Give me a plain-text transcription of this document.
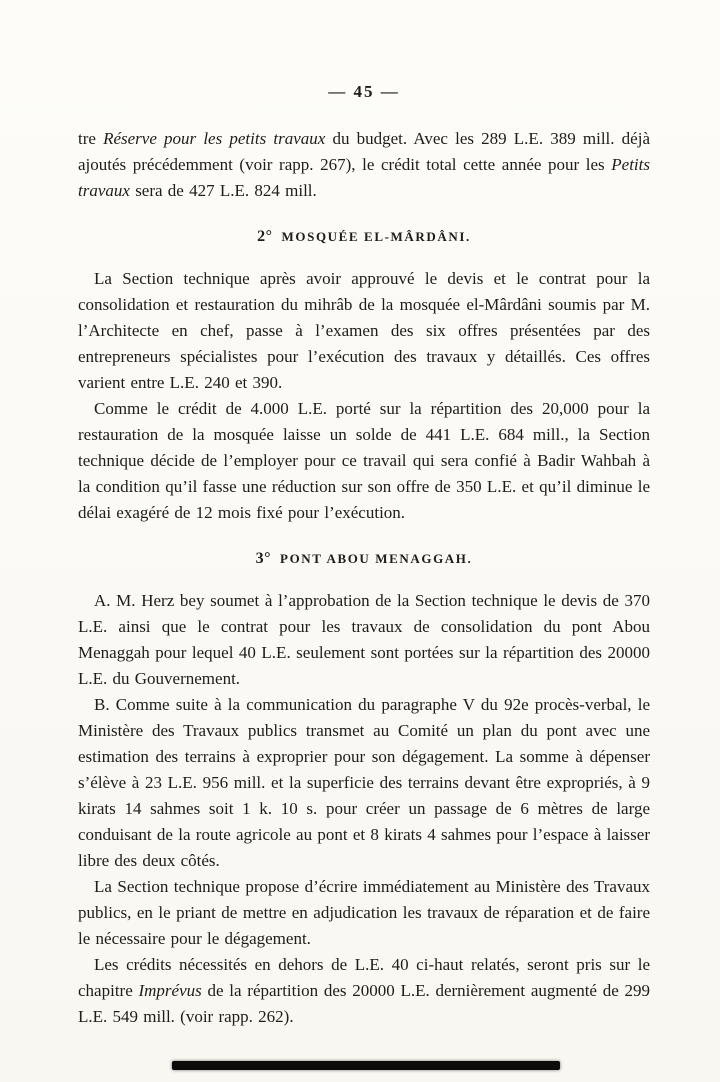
— 45 —

tre Réserve pour les petits travaux du budget. Avec les 289 L.E. 389 mill. déjà ajoutés précédemment (voir rapp. 267), le crédit total cette année pour les Petits travaux sera de 427 L.E. 824 mill.

2° MOSQUÉE EL-MÂRDÂNI.

La Section technique après avoir approuvé le devis et le contrat pour la consolidation et restauration du mihrâb de la mosquée el-Mârdâni soumis par M. l’Architecte en chef, passe à l’examen des six offres présentées par des entrepreneurs spécialistes pour l’exécution des travaux y détaillés. Ces offres varient entre L.E. 240 et 390.

Comme le crédit de 4.000 L.E. porté sur la répartition des 20,000 pour la restauration de la mosquée laisse un solde de 441 L.E. 684 mill., la Section technique décide de l’employer pour ce travail qui sera confié à Badir Wahbah à la condition qu’il fasse une réduction sur son offre de 350 L.E. et qu’il diminue le délai exagéré de 12 mois fixé pour l’exécution.

3° PONT ABOU MENAGGAH.

A. M. Herz bey soumet à l’approbation de la Section technique le devis de 370 L.E. ainsi que le contrat pour les travaux de consolidation du pont Abou Menaggah pour lequel 40 L.E. seulement sont portées sur la répartition des 20000 L.E. du Gouvernement.

B. Comme suite à la communication du paragraphe V du 92e procès-verbal, le Ministère des Travaux publics transmet au Comité un plan du pont avec une estimation des terrains à exproprier pour son dégagement. La somme à dépenser s’élève à 23 L.E. 956 mill. et la superficie des terrains devant être expropriés, à 9 kirats 14 sahmes soit 1 k. 10 s. pour créer un passage de 6 mètres de large conduisant de la route agricole au pont et 8 kirats 4 sahmes pour l’espace à laisser libre des deux côtés.

La Section technique propose d’écrire immédiatement au Ministère des Travaux publics, en le priant de mettre en adjudication les travaux de réparation et de faire le nécessaire pour le dégagement.

Les crédits nécessités en dehors de L.E. 40 ci-haut relatés, seront pris sur le chapitre Imprévus de la répartition des 20000 L.E. dernièrement augmenté de 299 L.E. 549 mill. (voir rapp. 262).
